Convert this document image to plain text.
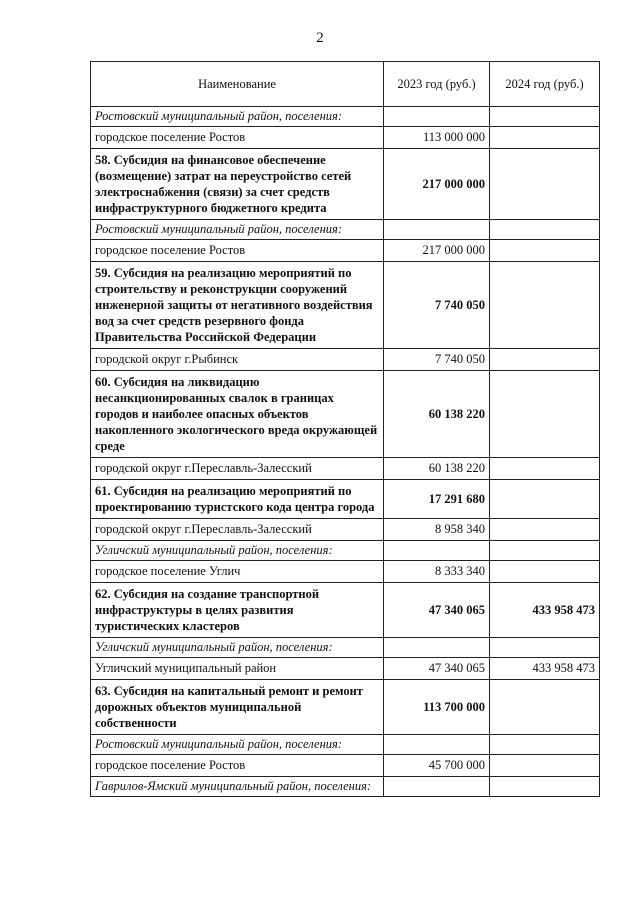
2
Наименование	2023 год (руб.)	2024 год (руб.)
Ростовский муниципальный район, поселения:		
городское поселение Ростов	113 000 000	
58. Субсидия на финансовое обеспечение (возмещение) затрат на переустройство сетей электроснабжения (связи) за счет средств инфраструктурного бюджетного кредита	217 000 000	
Ростовский муниципальный район, поселения:		
городское поселение Ростов	217 000 000	
59. Субсидия на реализацию мероприятий по строительству и реконструкции сооружений инженерной защиты от негативного воздействия вод за счет средств резервного фонда Правительства Российской Федерации	7 740 050	
городской округ г.Рыбинск	7 740 050	
60. Субсидия на ликвидацию несанкционированных свалок в границах городов и наиболее опасных объектов накопленного экологического вреда окружающей среде	60 138 220	
городской округ г.Переславль-Залесский	60 138 220	
61. Субсидия на реализацию мероприятий по проектированию туристского кода центра города	17 291 680	
городской округ г.Переславль-Залесский	8 958 340	
Угличский муниципальный район, поселения:		
городское поселение Углич	8 333 340	
62. Субсидия на создание транспортной инфраструктуры в целях развития туристических кластеров	47 340 065	433 958 473
Угличский муниципальный район, поселения:		
Угличский муниципальный район	47 340 065	433 958 473
63. Субсидия на капитальный ремонт и ремонт дорожных объектов муниципальной собственности	113 700 000	
Ростовский муниципальный район, поселения:		
городское поселение Ростов	45 700 000	
Гаврилов-Ямский муниципальный район, поселения:		
